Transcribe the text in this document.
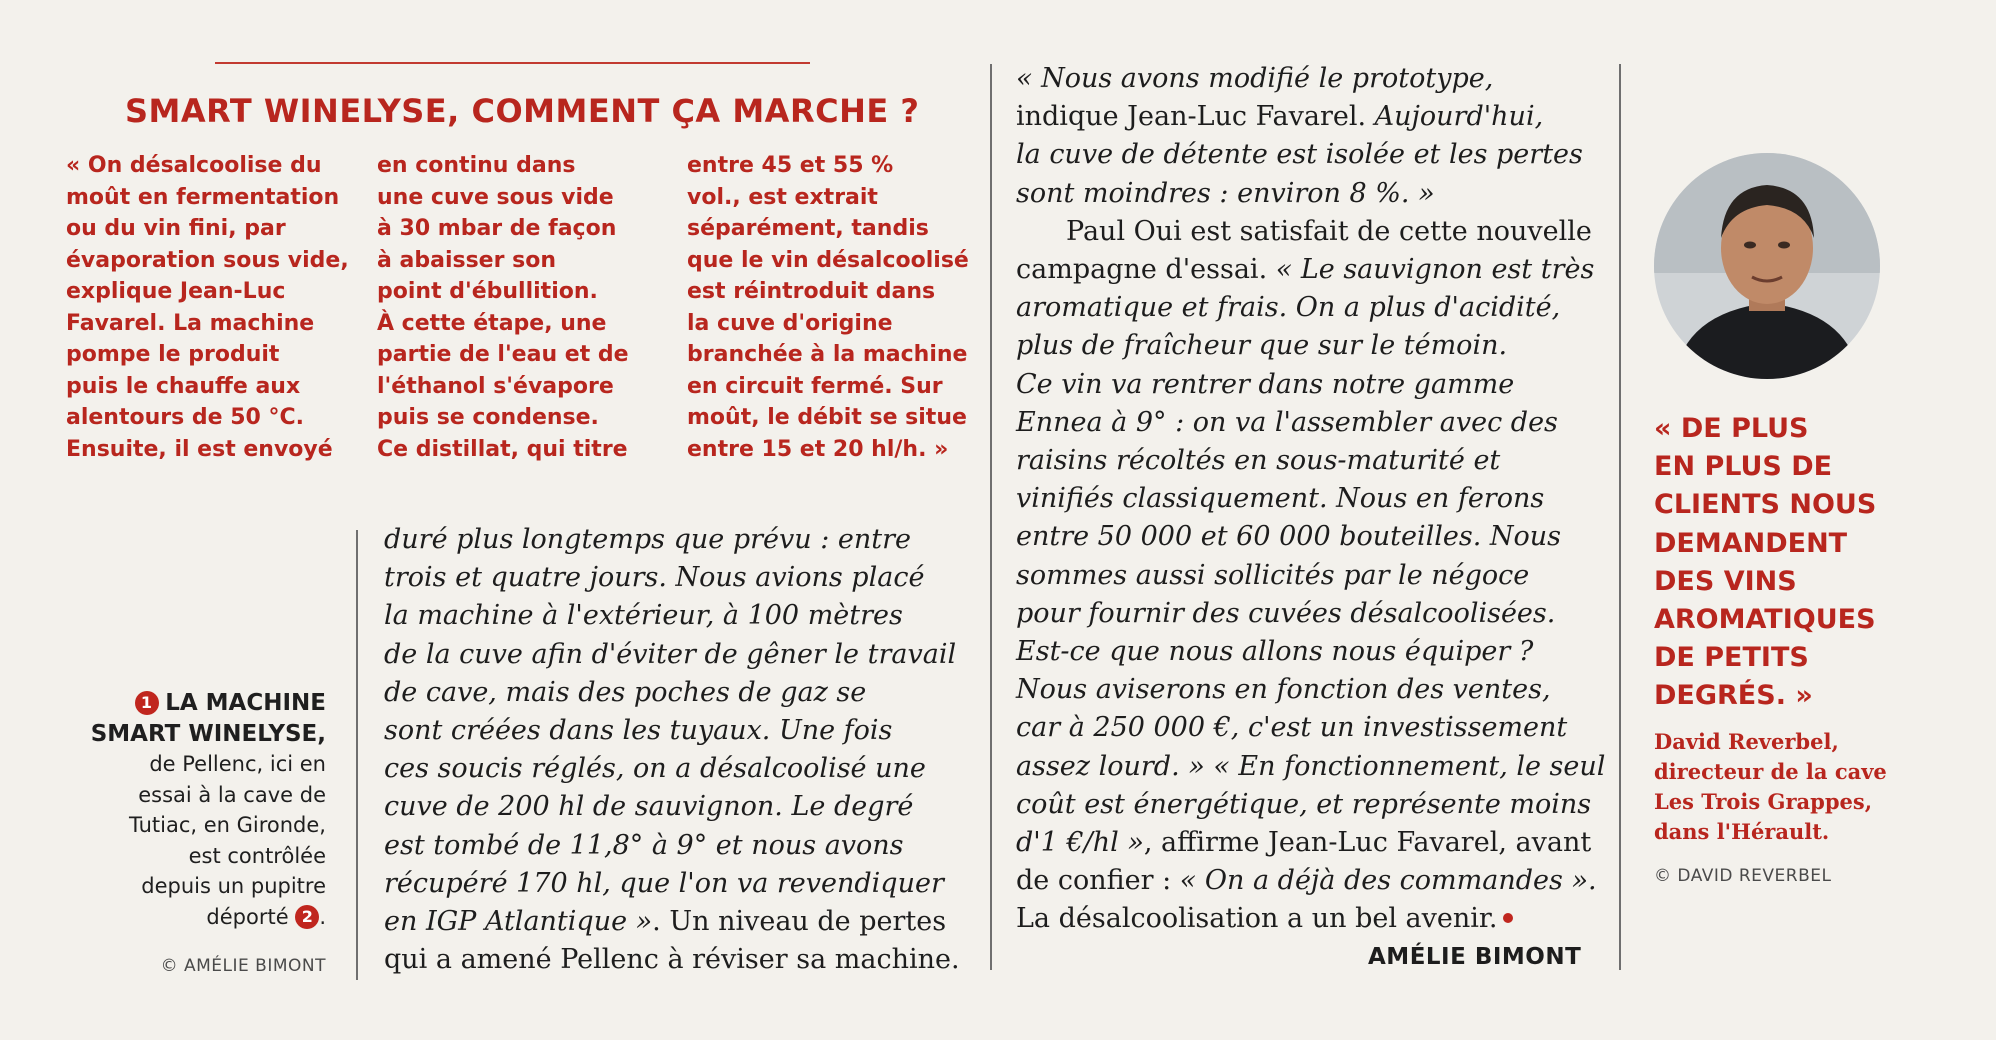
SMART WINELYSE, COMMENT ÇA MARCHE ?
« On désalcoolise du
moût en fermentation
ou du vin fini, par
évaporation sous vide,
explique Jean-Luc
Favarel. La machine
pompe le produit
puis le chauffe aux
alentours de 50 °C.
Ensuite, il est envoyé
en continu dans
une cuve sous vide
à 30 mbar de façon
à abaisser son
point d'ébullition.
À cette étape, une
partie de l'eau et de
l'éthanol s'évapore
puis se condense.
Ce distillat, qui titre
entre 45 et 55 %
vol., est extrait
séparément, tandis
que le vin désalcoolisé
est réintroduit dans
la cuve d'origine
branchée à la machine
en circuit fermé. Sur
moût, le débit se situe
entre 15 et 20 hl/h. »
1 LA MACHINE
SMART WINELYSE,
de Pellenc, ici en
essai à la cave de
Tutiac, en Gironde,
est contrôlée
depuis un pupitre
déporté 2 .
© AMÉLIE BIMONT
duré plus longtemps que prévu : entre
trois et quatre jours. Nous avions placé
la machine à l'extérieur, à 100 mètres
de la cuve afin d'éviter de gêner le travail
de cave, mais des poches de gaz se
sont créées dans les tuyaux. Une fois
ces soucis réglés, on a désalcoolisé une
cuve de 200 hl de sauvignon. Le degré
est tombé de 11,8° à 9° et nous avons
récupéré 170 hl, que l'on va revendiquer
en IGP Atlantique ». Un niveau de pertes
qui a amené Pellenc à réviser sa machine.
« Nous avons modifié le prototype,
indique Jean-Luc Favarel. Aujourd'hui,
la cuve de détente est isolée et les pertes
sont moindres : environ 8 %. »
Paul Oui est satisfait de cette nouvelle
campagne d'essai. « Le sauvignon est très
aromatique et frais. On a plus d'acidité,
plus de fraîcheur que sur le témoin.
Ce vin va rentrer dans notre gamme
Ennea à 9° : on va l'assembler avec des
raisins récoltés en sous-maturité et
vinifiés classiquement. Nous en ferons
entre 50 000 et 60 000 bouteilles. Nous
sommes aussi sollicités par le négoce
pour fournir des cuvées désalcoolisées.
Est-ce que nous allons nous équiper ?
Nous aviserons en fonction des ventes,
car à 250 000 €, c'est un investissement
assez lourd. » « En fonctionnement, le seul
coût est énergétique, et représente moins
d'1 €/hl », affirme Jean-Luc Favarel, avant
de confier : « On a déjà des commandes ».
La désalcoolisation a un bel avenir.
AMÉLIE BIMONT
« DE PLUS
EN PLUS DE
CLIENTS NOUS
DEMANDENT
DES VINS
AROMATIQUES
DE PETITS
DEGRÉS. »
David Reverbel,
directeur de la cave
Les Trois Grappes,
dans l'Hérault.
© DAVID REVERBEL
